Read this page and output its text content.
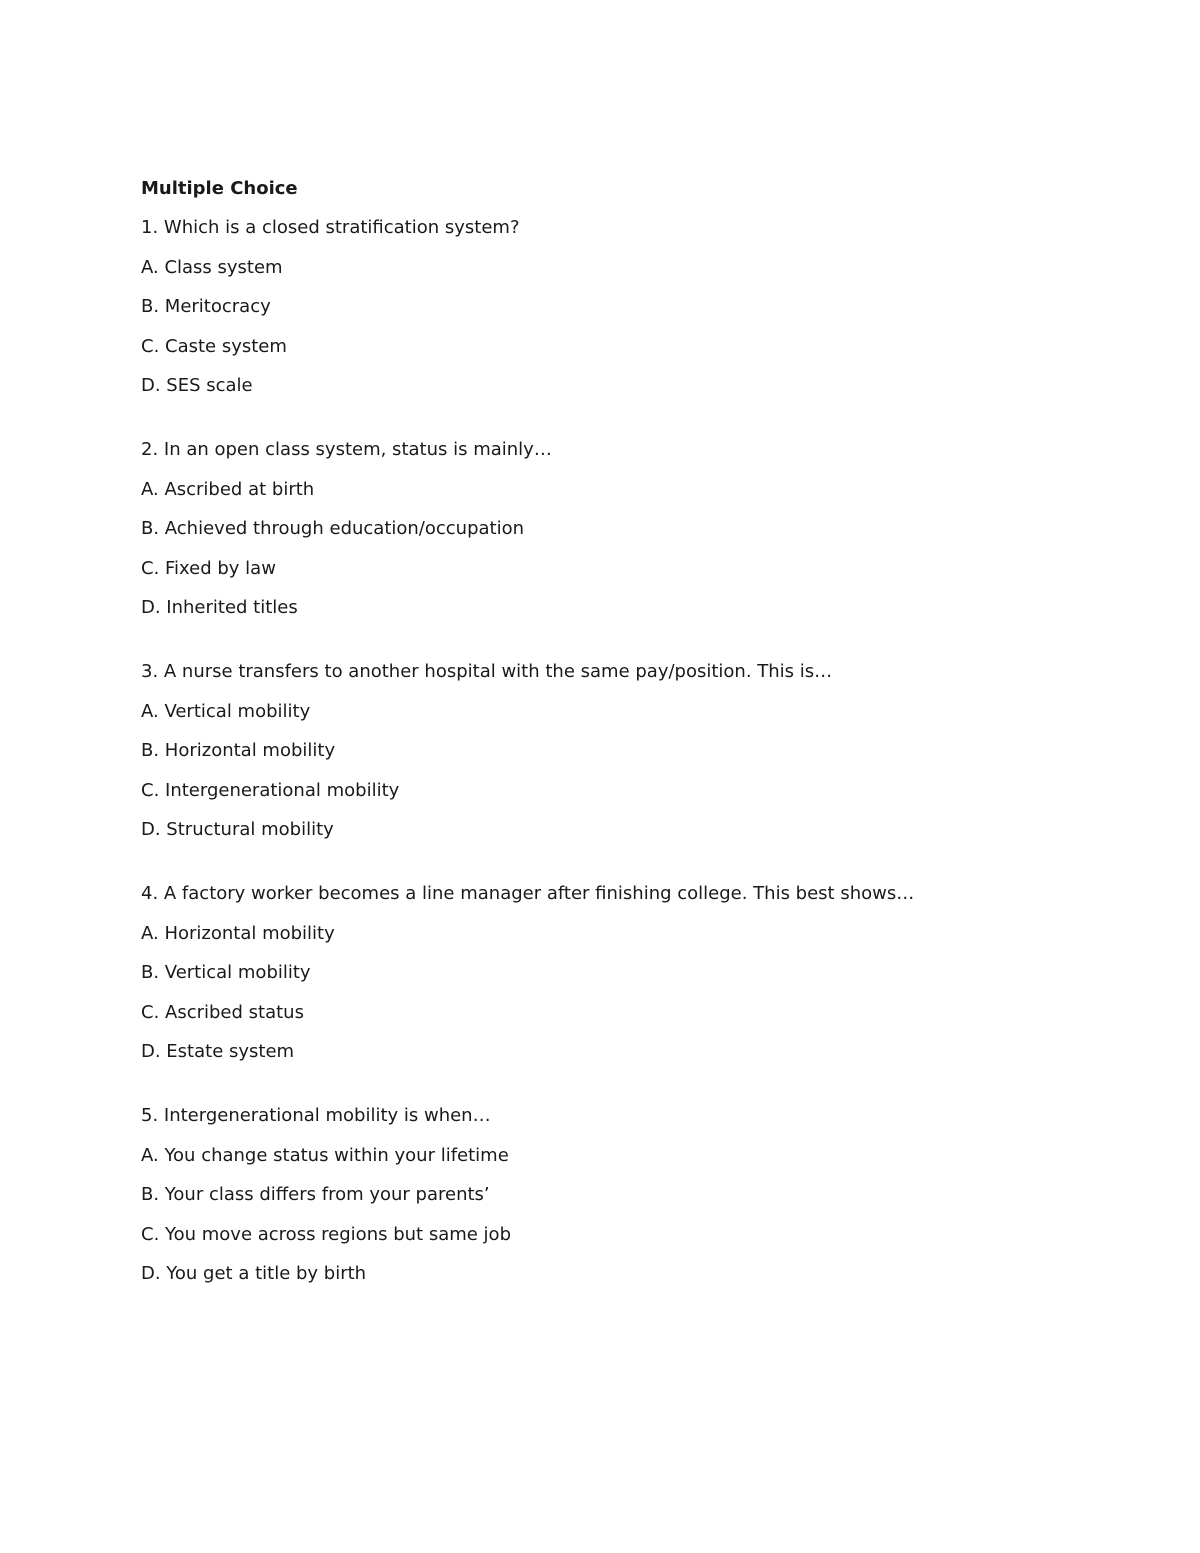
Multiple Choice
1. Which is a closed stratification system?
A. Class system
B. Meritocracy
C. Caste system
D. SES scale
2. In an open class system, status is mainly…
A. Ascribed at birth
B. Achieved through education/occupation
C. Fixed by law
D. Inherited titles
3. A nurse transfers to another hospital with the same pay/position. This is…
A. Vertical mobility
B. Horizontal mobility
C. Intergenerational mobility
D. Structural mobility
4. A factory worker becomes a line manager after finishing college. This best shows…
A. Horizontal mobility
B. Vertical mobility
C. Ascribed status
D. Estate system
5. Intergenerational mobility is when…
A. You change status within your lifetime
B. Your class differs from your parents’
C. You move across regions but same job
D. You get a title by birth
